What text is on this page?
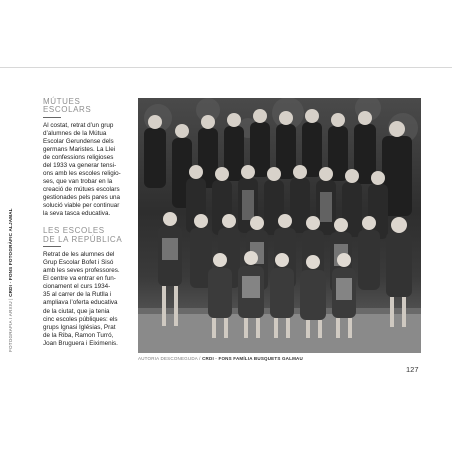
FOTOGRAFIA I ARXIU | CRDI · FONS FOTOGRÀFIC ALJAMAL
MÚTUES
ESCOLARS

Al costat, retrat d’un grup
d’alumnes de la Mútua
Escolar Gerundense dels
germans Maristes. La Llei
de confessions religioses
del 1933 va generar tensi-
ons amb les escoles religio-
ses, que van trobar en la
creació de mútues escolars
gestionades pels pares una
solució viable per continuar
la seva tasca educativa.

LES ESCOLES
DE LA REPÚBLICA

Retrat de les alumnes del
Grup Escolar Bofet i Sisó
amb les seves professores.
El centre va entrar en fun-
cionament el curs 1934-
35 al carrer de la Rutlla i
ampliava l’oferta educativa
de la ciutat, que ja tenia
cinc escoles públiques: els
grups Ignasi Iglésias, Prat
de la Riba, Ramon Turró,
Joan Bruguera i Eiximenis.

AUTORIA DESCONEGUDA / CRDI · FONS FAMÍLIA BUSQUETS GALMAU
127
